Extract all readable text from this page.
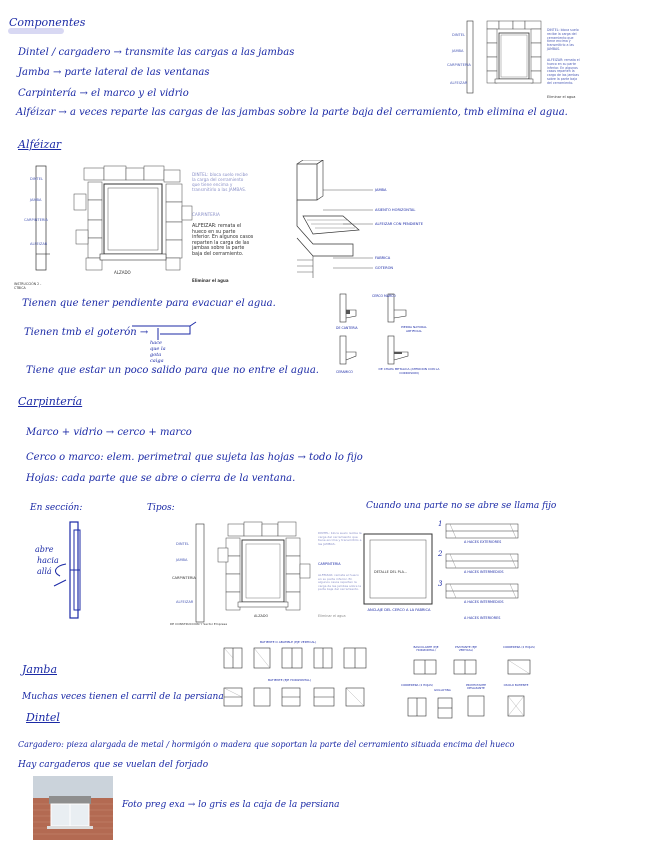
Componentes
Dintel / cargadero → transmite las cargas a las jambas
Jamba → parte lateral de las ventanas
Carpintería → el marco y el vidrio
Alféizar → a veces reparte las cargas de las jambas sobre la parte baja del cerramiento, tmb elimina el agua.
Alféizar
Tienen que tener pendiente para evacuar el agua.
Tienen tmb el goterón →
hace que la gota caiga
Tiene que estar un poco salido para que no entre el agua.
Carpintería
Marco + vidrio → cerco + marco
Cerco o marco: elem. perimetral que sujeta las hojas → todo lo fijo
Hojas: cada parte que se abre o cierra de la ventana.
En sección:	Tipos:	Cuando una parte no se abre se llama fijo
abre
hacia
allá
Jamba
Muchas veces tienen el carril de la persiana
Dintel
Cargadero: pieza alargada de metal / hormigón o madera que soportan la parte del cerramiento situada encima del hueco
Hay cargaderos que se vuelan del forjado
Foto preg exa → lo gris es la caja de la persiana
DINTEL
JAMBA
CARPINTERIA
ALFEIZAR
DINTEL: bloca suelo recibe la carga del cerramiento que tiene encima y transmitirlo a las JAMBAS.
ALFEIZAR: remata el hueco en su parte inferior. En algunos casos reparten la carga de las jambas sobre la parte baja del cerramiento.
Eliminar el agua
DINTEL
JAMBA
CARPINTERIA
ALFEIZAR
ALZADO
INSTRUCCIÓN 2 - CTBICA
DINTEL: bloca suelo recibe la carga del cerramiento que tiene encima y transmitirlo a las JAMBAS.
CARPINTERIA
ALFEIZAR: remata el hueco en su parte inferior. En algunos casos reparten la carga de las jambas sobre la parte baja del cerramiento.
Eliminar el agua
JAMBA
ASIENTO HORIZONTAL
ALFEIZAR CON PENDIENTE
FABRICA
GOTERON
CERCO MARCO
DE CANTERIA	PIEDRA NATURAL ARTIFICIAL
CERAMICO
DE CHAPA METALICA (ATENCION CON LA CORROSION)
CARPINTERIA
ALFEIZAR
DINTEL
JAMBA
ALZADO
DE CONSTRUCCIÓN Y Sector Empresa
DINTEL: bloca suelo recibe la carga del cerramiento que tiene encima y transmitirlo a las JAMBAS.
CARPINTERIA
ALFEIZAR: remata el hueco en su parte inferior. En algunos casos reparten la carga de las jambas sobre la parte baja del cerramiento.
Eliminar el agua
DETALLE DEL PLA...
ANCLAJE DEL CERCO A LA FABRICA
A HACES EXTERIORES
A HACES INTERMEDIOS
A HACES INTERMEDIOS
A HACES INTERIORES
1
2
3
BATIENTE O ABATIBLE (EJE VERTICAL)
BATIENTE (EJE HORIZONTAL)
BASCULANTE (EJE HORIZONTAL)
PIVOTANTE (EJE VERTICAL)
CORREDERA (2 HOJAS)
CORREDERA (2 HOJAS)
GUILLOTINA
PROYECTANTE DESLIZANTE
OSCILO BATIENTE
